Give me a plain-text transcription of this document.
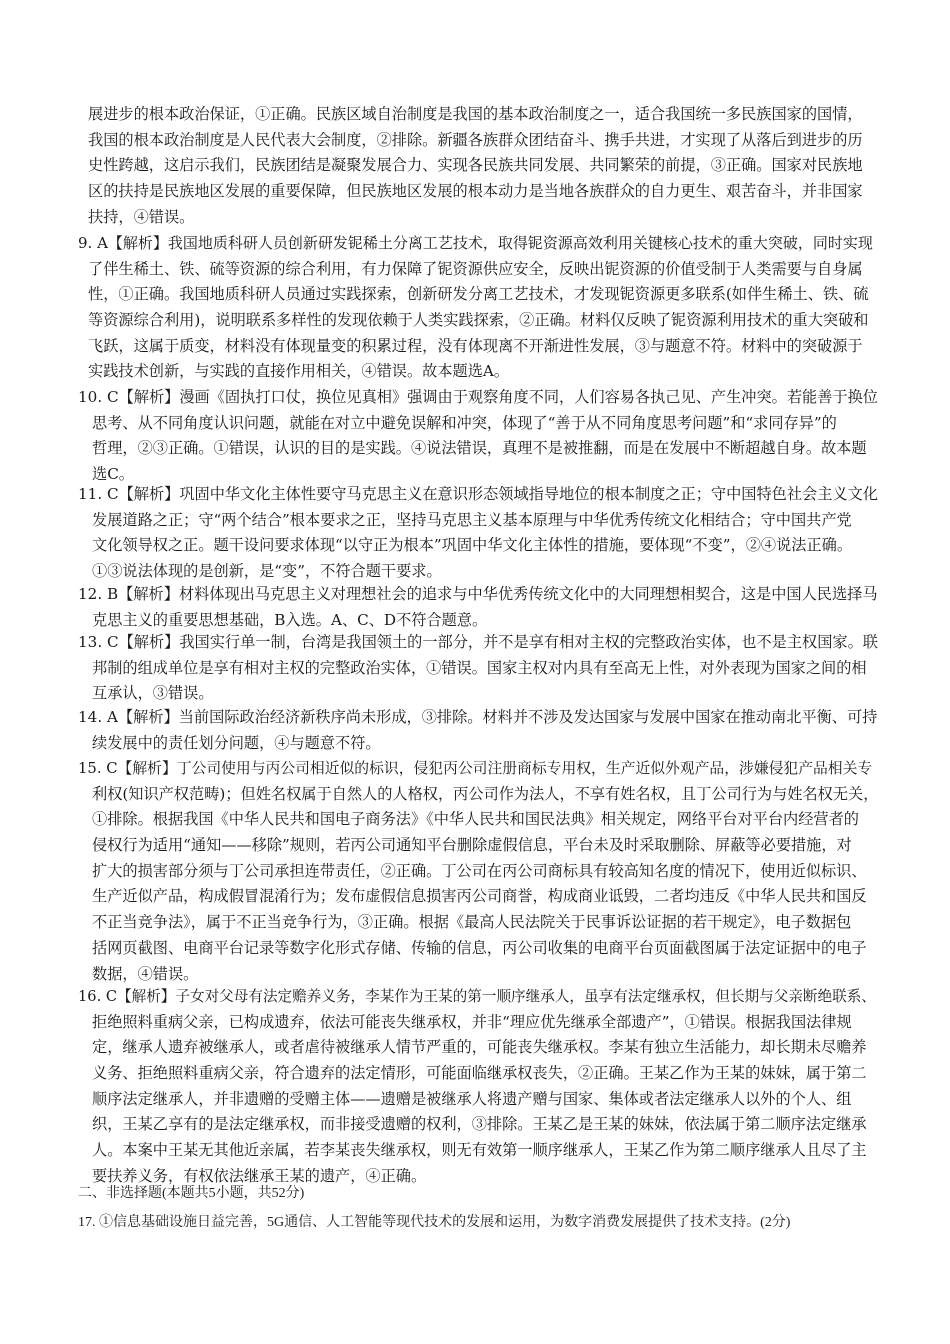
展进步的根本政治保证，①正确。民族区域自治制度是我国的基本政治制度之一，适合我国统一多民族国家的国情，
我国的根本政治制度是人民代表大会制度，②排除。新疆各族群众团结奋斗、携手共进，才实现了从落后到进步的历
史性跨越，这启示我们，民族团结是凝聚发展合力、实现各民族共同发展、共同繁荣的前提，③正确。国家对民族地
区的扶持是民族地区发展的重要保障，但民族地区发展的根本动力是当地各族群众的自力更生、艰苦奋斗，并非国家
扶持，④错误。
9. A【解析】我国地质科研人员创新研发铌稀土分离工艺技术，取得铌资源高效利用关键核心技术的重大突破，同时实现
了伴生稀土、铁、硫等资源的综合利用，有力保障了铌资源供应安全，反映出铌资源的价值受制于人类需要与自身属
性，①正确。我国地质科研人员通过实践探索，创新研发分离工艺技术，才发现铌资源更多联系(如伴生稀土、铁、硫
等资源综合利用)，说明联系多样性的发现依赖于人类实践探索，②正确。材料仅反映了铌资源利用技术的重大突破和
飞跃，这属于质变，材料没有体现量变的积累过程，没有体现离不开渐进性发展，③与题意不符。材料中的突破源于
实践技术创新，与实践的直接作用相关，④错误。故本题选A。
10. C【解析】漫画《固执打口仗，换位见真相》强调由于观察角度不同，人们容易各执己见、产生冲突。若能善于换位
思考、从不同角度认识问题，就能在对立中避免误解和冲突，体现了“善于从不同角度思考问题”和“求同存异”的
哲理，②③正确。①错误，认识的目的是实践。④说法错误，真理不是被推翻，而是在发展中不断超越自身。故本题
选C。
11. C【解析】巩固中华文化主体性要守马克思主义在意识形态领域指导地位的根本制度之正；守中国特色社会主义文化
发展道路之正；守“两个结合”根本要求之正，坚持马克思主义基本原理与中华优秀传统文化相结合；守中国共产党
文化领导权之正。题干设问要求体现“以守正为根本”巩固中华文化主体性的措施，要体现“不变”，②④说法正确。
①③说法体现的是创新，是“变”，不符合题干要求。
12. B【解析】材料体现出马克思主义对理想社会的追求与中华优秀传统文化中的大同理想相契合，这是中国人民选择马
克思主义的重要思想基础，B入选。A、C、D不符合题意。
13. C【解析】我国实行单一制，台湾是我国领土的一部分，并不是享有相对主权的完整政治实体，也不是主权国家。联
邦制的组成单位是享有相对主权的完整政治实体，①错误。国家主权对内具有至高无上性，对外表现为国家之间的相
互承认，③错误。
14. A【解析】当前国际政治经济新秩序尚未形成，③排除。材料并不涉及发达国家与发展中国家在推动南北平衡、可持
续发展中的责任划分问题，④与题意不符。
15. C【解析】丁公司使用与丙公司相近似的标识，侵犯丙公司注册商标专用权，生产近似外观产品，涉嫌侵犯产品相关专
利权(知识产权范畴)；但姓名权属于自然人的人格权，丙公司作为法人，不享有姓名权，且丁公司行为与姓名权无关，
①排除。根据我国《中华人民共和国电子商务法》《中华人民共和国民法典》相关规定，网络平台对平台内经营者的
侵权行为适用“通知——移除”规则，若丙公司通知平台删除虚假信息，平台未及时采取删除、屏蔽等必要措施，对
扩大的损害部分须与丁公司承担连带责任，②正确。丁公司在丙公司商标具有较高知名度的情况下，使用近似标识、
生产近似产品，构成假冒混淆行为；发布虚假信息损害丙公司商誉，构成商业诋毁，二者均违反《中华人民共和国反
不正当竞争法》，属于不正当竞争行为，③正确。根据《最高人民法院关于民事诉讼证据的若干规定》，电子数据包
括网页截图、电商平台记录等数字化形式存储、传输的信息，丙公司收集的电商平台页面截图属于法定证据中的电子
数据，④错误。
16. C【解析】子女对父母有法定赡养义务，李某作为王某的第一顺序继承人，虽享有法定继承权，但长期与父亲断绝联系、
拒绝照料重病父亲，已构成遗弃，依法可能丧失继承权，并非“理应优先继承全部遗产”，①错误。根据我国法律规
定，继承人遗弃被继承人，或者虐待被继承人情节严重的，可能丧失继承权。李某有独立生活能力，却长期未尽赡养
义务、拒绝照料重病父亲，符合遗弃的法定情形，可能面临继承权丧失，②正确。王某乙作为王某的妹妹，属于第二
顺序法定继承人，并非遗赠的受赠主体——遗赠是被继承人将遗产赠与国家、集体或者法定继承人以外的个人、组
织，王某乙享有的是法定继承权，而非接受遗赠的权利，③排除。王某乙是王某的妹妹，依法属于第二顺序法定继承
人。本案中王某无其他近亲属，若李某丧失继承权，则无有效第一顺序继承人，王某乙作为第二顺序继承人且尽了主
要扶养义务，有权依法继承王某的遗产，④正确。
二、非选择题(本题共5小题，共52分)
17. ①信息基础设施日益完善，5G通信、人工智能等现代技术的发展和运用，为数字消费发展提供了技术支持。(2分)
